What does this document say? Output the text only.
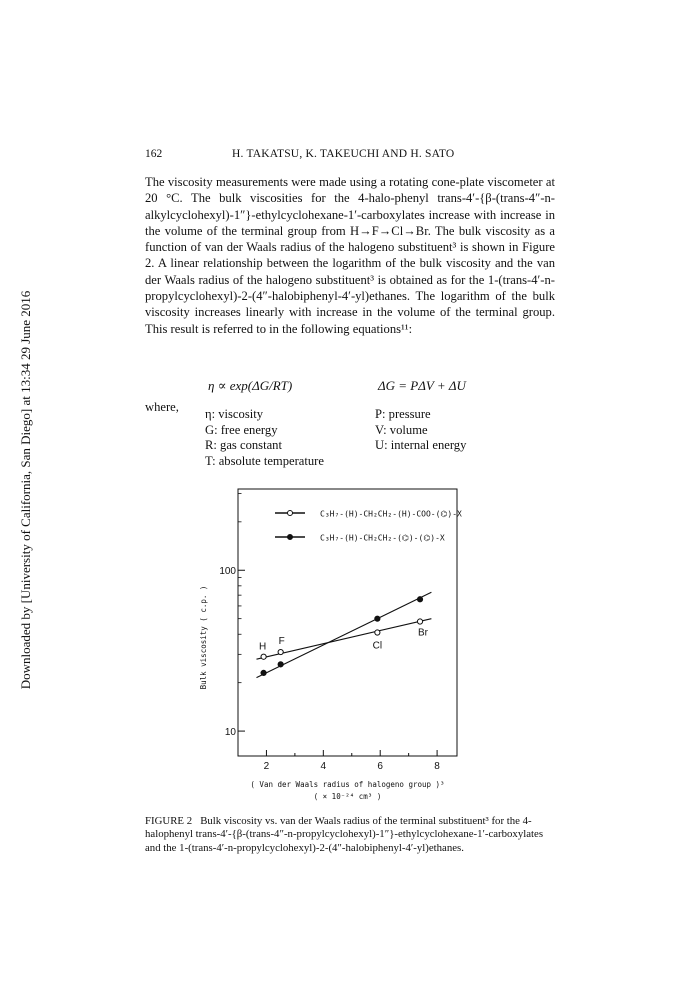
Downloaded by [University of California, San Diego] at 13:34 29 June 2016
162	H. TAKATSU, K. TAKEUCHI AND H. SATO

The viscosity measurements were made using a rotating cone-plate viscometer at 20 °C. The bulk viscosities for the 4-halo-phenyl trans-4′-{β-(trans-4″-n-alkylcyclohexyl)-1″}-ethylcyclohexane-1′-carboxylates increase with increase in the volume of the terminal group from H→F→Cl→Br. The bulk viscosity as a function of van der Waals radius of the halogeno substituent³ is shown in Figure 2. A linear relationship between the logarithm of the bulk viscosity and the van der Waals radius of the halogeno substituent³ is obtained as for the 1-(trans-4′-n-propylcyclohexyl)-2-(4″-halobiphenyl-4′-yl)ethanes. The logarithm of the bulk viscosity increases linearly with increase in the volume of the terminal group. This result is referred to in the following equations¹¹:

η ∝ exp(ΔG/RT)	ΔG = PΔV + ΔU
where, η: viscosity
G: free energy
R: gas constant
T: absolute temperature
P: pressure
V: volume
U: internal energy
2	4	6	8
100
10
C₃H₇-(H)-CH₂CH₂-(H)-COO-(⌬)-X
C₃H₇-(H)-CH₂CH₂-(⌬)-(⌬)-X
H
F	Cl
Br
( Van der Waals radius of halogeno group )³
( × 10⁻²⁴ cm³ )
Bulk viscosity ( c.p. )

FIGURE 2 Bulk viscosity vs. van der Waals radius of the terminal substituent³ for the 4-halophenyl trans-4′-{β-(trans-4″-n-propylcyclohexyl)-1″}-ethylcyclohexane-1′-carboxylates and the 1-(trans-4′-n-propylcyclohexyl)-2-(4″-halobiphenyl-4′-yl)ethanes.
